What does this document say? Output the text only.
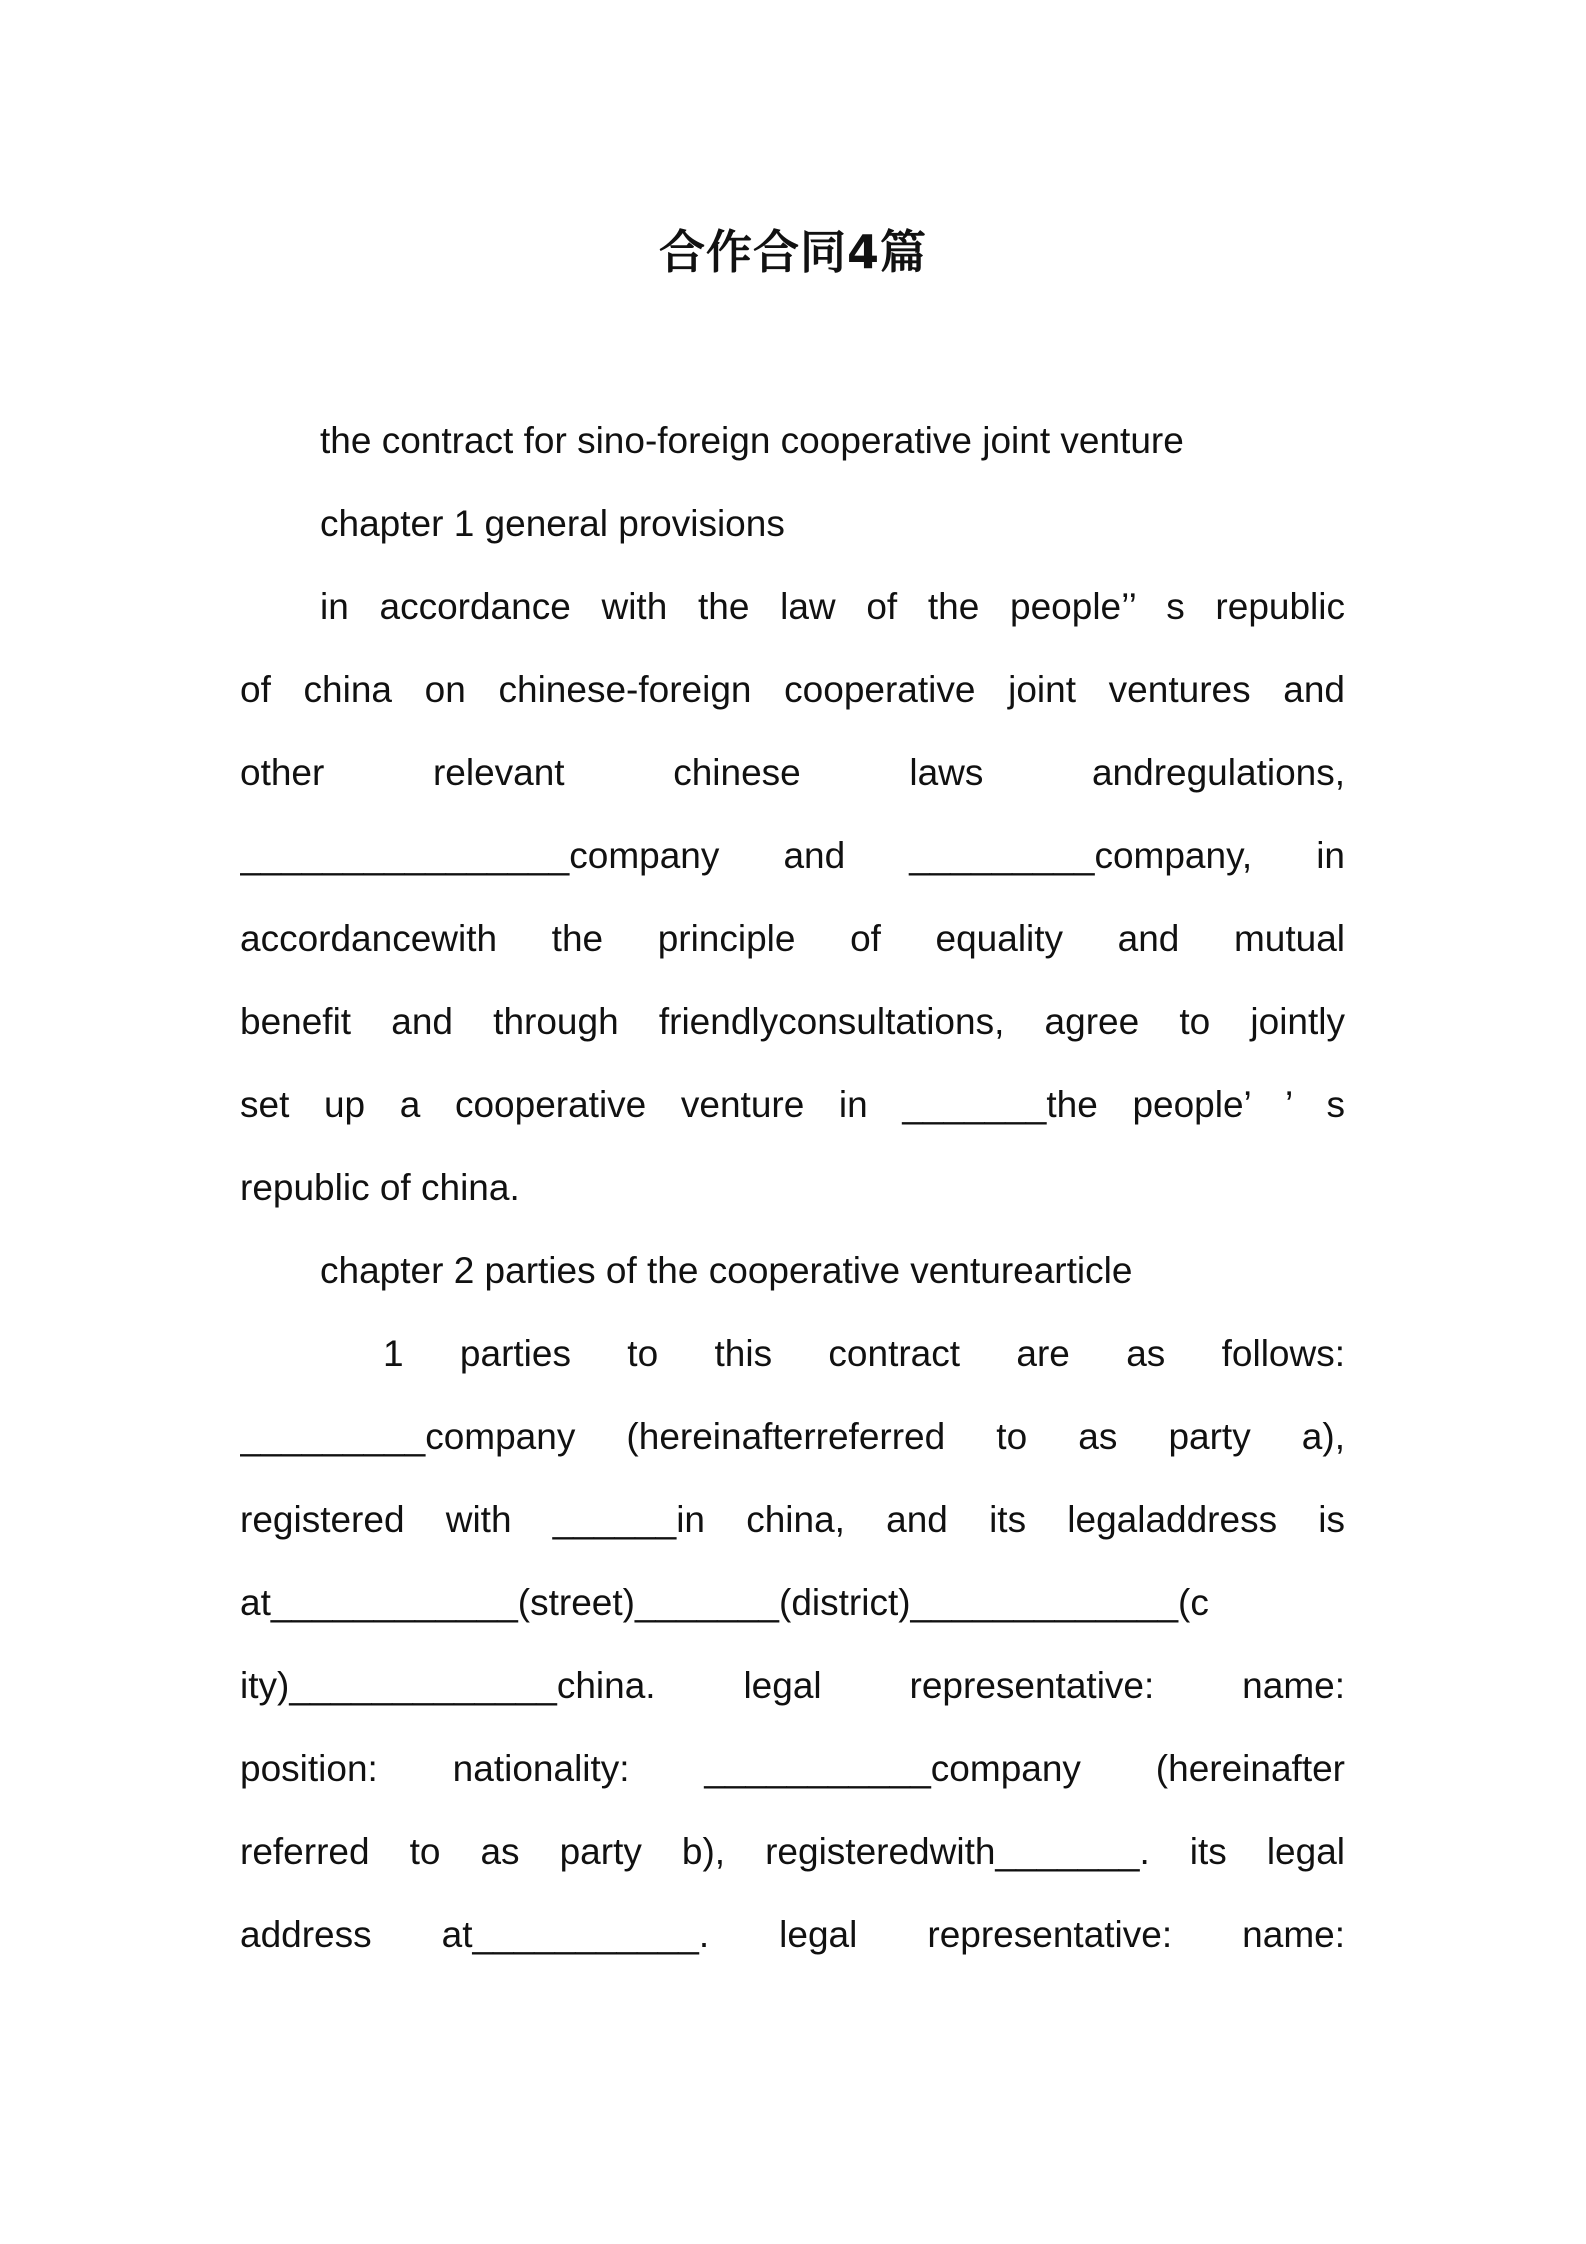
合作合同4篇
the contract for sino-foreign cooperative joint venture
chapter 1 general provisions
in accordance with the law of the people’’ s republic
of china on chinese-foreign cooperative joint ventures and
other relevant chinese laws andregulations,
________________company and _________company, in
accordancewith the principle of equality and mutual
benefit and through friendlyconsultations, agree to jointly
set up a cooperative venture in _______the people’ ’ s
republic of china.
chapter 2 parties of the cooperative venturearticle
1 parties to this contract are as follows:
_________company (hereinafterreferred to as party a),
registered with ______in china, and its legaladdress is
at____________(street)_______(district)_____________(c
ity)_____________china. legal representative: name:
position: nationality: ___________company (hereinafter
referred to as party b), registeredwith_______. its legal
address at___________. legal representative: name:
